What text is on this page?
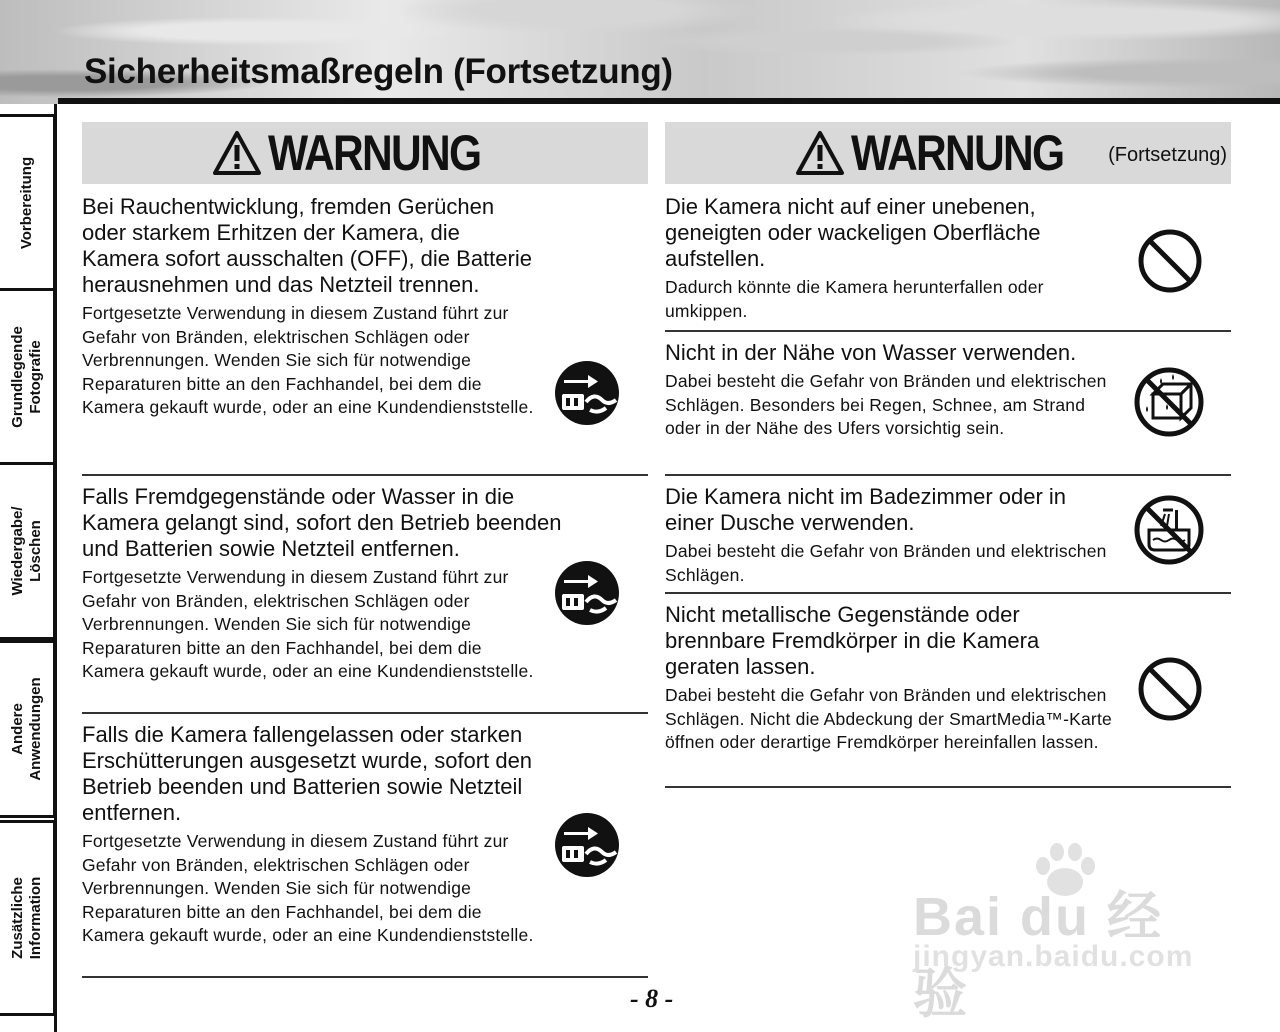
Sicherheitsmaßregeln (Fortsetzung)
Vorbereitung
Grundlegende Fotografie
Wiedergabe/ Löschen
Andere Anwendungen
Zusätzliche Information
WARNUNG
Bei Rauchentwicklung, fremden Gerüchen oder starkem Erhitzen der Kamera, die Kamera sofort ausschalten (OFF), die Batterie herausnehmen und das Netzteil trennen.
Fortgesetzte Verwendung in diesem Zustand führt zur Gefahr von Bränden, elektrischen Schlägen oder Verbrennungen. Wenden Sie sich für notwendige Reparaturen bitte an den Fachhandel, bei dem die Kamera gekauft wurde, oder an eine Kundendienststelle.
Falls Fremdgegenstände oder Wasser in die Kamera gelangt sind, sofort den Betrieb beenden und Batterien sowie Netzteil entfernen.
Fortgesetzte Verwendung in diesem Zustand führt zur Gefahr von Bränden, elektrischen Schlägen oder Verbrennungen. Wenden Sie sich für notwendige Reparaturen bitte an den Fachhandel, bei dem die Kamera gekauft wurde, oder an eine Kundendienststelle.
Falls die Kamera fallengelassen oder starken Erschütterungen ausgesetzt wurde, sofort den Betrieb beenden und Batterien sowie Netzteil entfernen.
Fortgesetzte Verwendung in diesem Zustand führt zur Gefahr von Bränden, elektrischen Schlägen oder Verbrennungen. Wenden Sie sich für notwendige Reparaturen bitte an den Fachhandel, bei dem die Kamera gekauft wurde, oder an eine Kundendienststelle.
WARNUNG (Fortsetzung)
Die Kamera nicht auf einer unebenen, geneigten oder wackeligen Oberfläche aufstellen.
Dadurch könnte die Kamera herunterfallen oder umkippen.
Nicht in der Nähe von Wasser verwenden.
Dabei besteht die Gefahr von Bränden und elektrischen Schlägen. Besonders bei Regen, Schnee, am Strand oder in der Nähe des Ufers vorsichtig sein.
Die Kamera nicht im Badezimmer oder in einer Dusche verwenden.
Dabei besteht die Gefahr von Bränden und elektrischen Schlägen.
Nicht metallische Gegenstände oder brennbare Fremdkörper in die Kamera geraten lassen.
Dabei besteht die Gefahr von Bränden und elektrischen Schlägen. Nicht die Abdeckung der SmartMedia™-Karte öffnen oder derartige Fremdkörper hereinfallen lassen.
Bai du 经验
jingyan.baidu.com
- 8 -
